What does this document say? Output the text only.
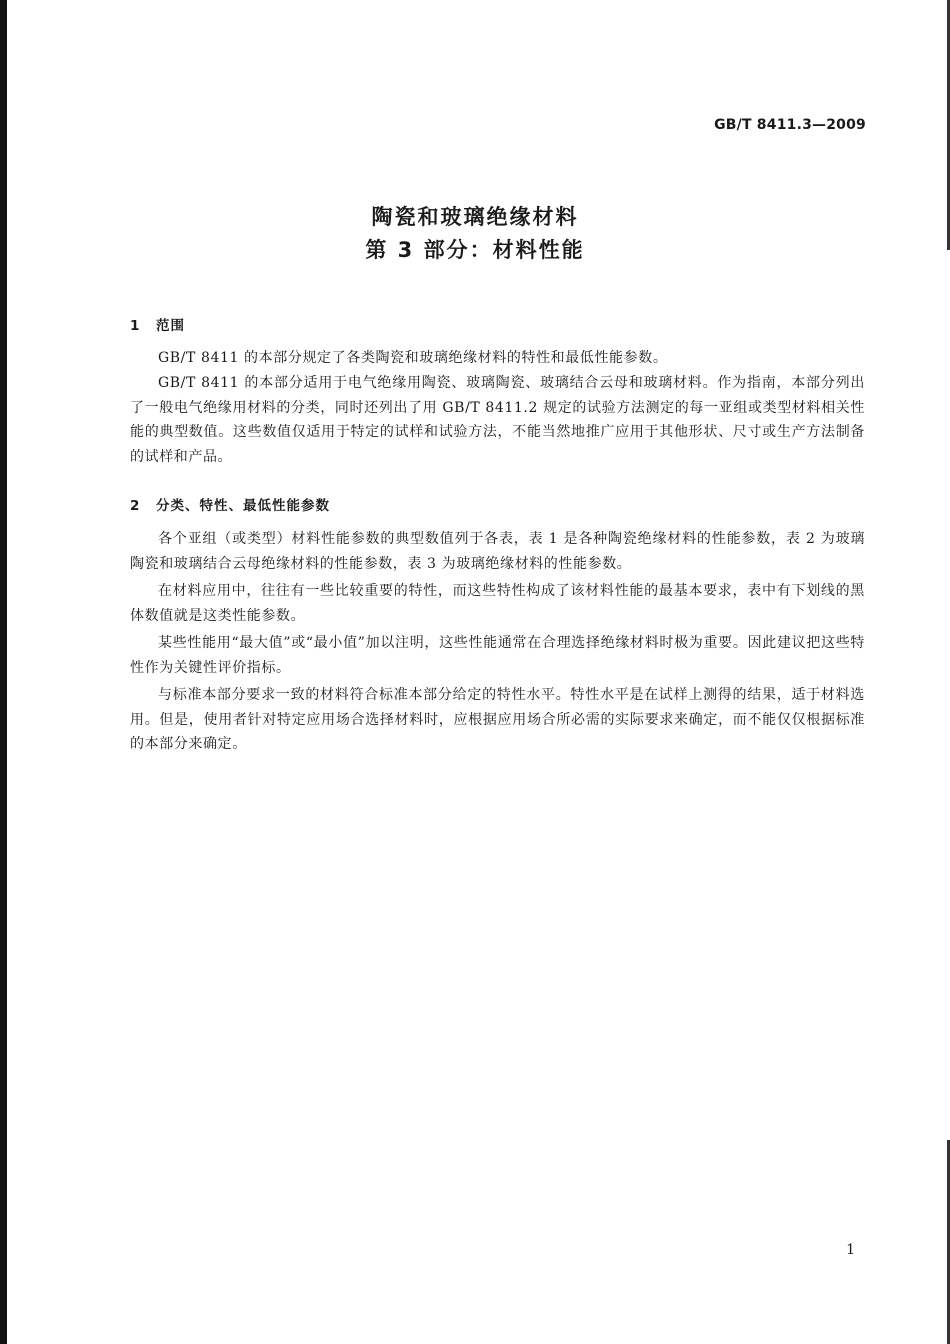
GB/T 8411.3—2009
陶瓷和玻璃绝缘材料
第 3 部分：材料性能
1 范围

GB/T 8411 的本部分规定了各类陶瓷和玻璃绝缘材料的特性和最低性能参数。

GB/T 8411 的本部分适用于电气绝缘用陶瓷、玻璃陶瓷、玻璃结合云母和玻璃材料。作为指南，本部分列出了一般电气绝缘用材料的分类，同时还列出了用 GB/T 8411.2 规定的试验方法测定的每一亚组或类型材料相关性能的典型数值。这些数值仅适用于特定的试样和试验方法，不能当然地推广应用于其他形状、尺寸或生产方法制备的试样和产品。

2 分类、特性、最低性能参数

各个亚组（或类型）材料性能参数的典型数值列于各表，表 1 是各种陶瓷绝缘材料的性能参数，表 2 为玻璃陶瓷和玻璃结合云母绝缘材料的性能参数，表 3 为玻璃绝缘材料的性能参数。

在材料应用中，往往有一些比较重要的特性，而这些特性构成了该材料性能的最基本要求，表中有下划线的黑体数值就是这类性能参数。

某些性能用“最大值”或“最小值”加以注明，这些性能通常在合理选择绝缘材料时极为重要。因此建议把这些特性作为关键性评价指标。

与标准本部分要求一致的材料符合标准本部分给定的特性水平。特性水平是在试样上测得的结果，适于材料选用。但是，使用者针对特定应用场合选择材料时，应根据应用场合所必需的实际要求来确定，而不能仅仅根据标准的本部分来确定。

1
